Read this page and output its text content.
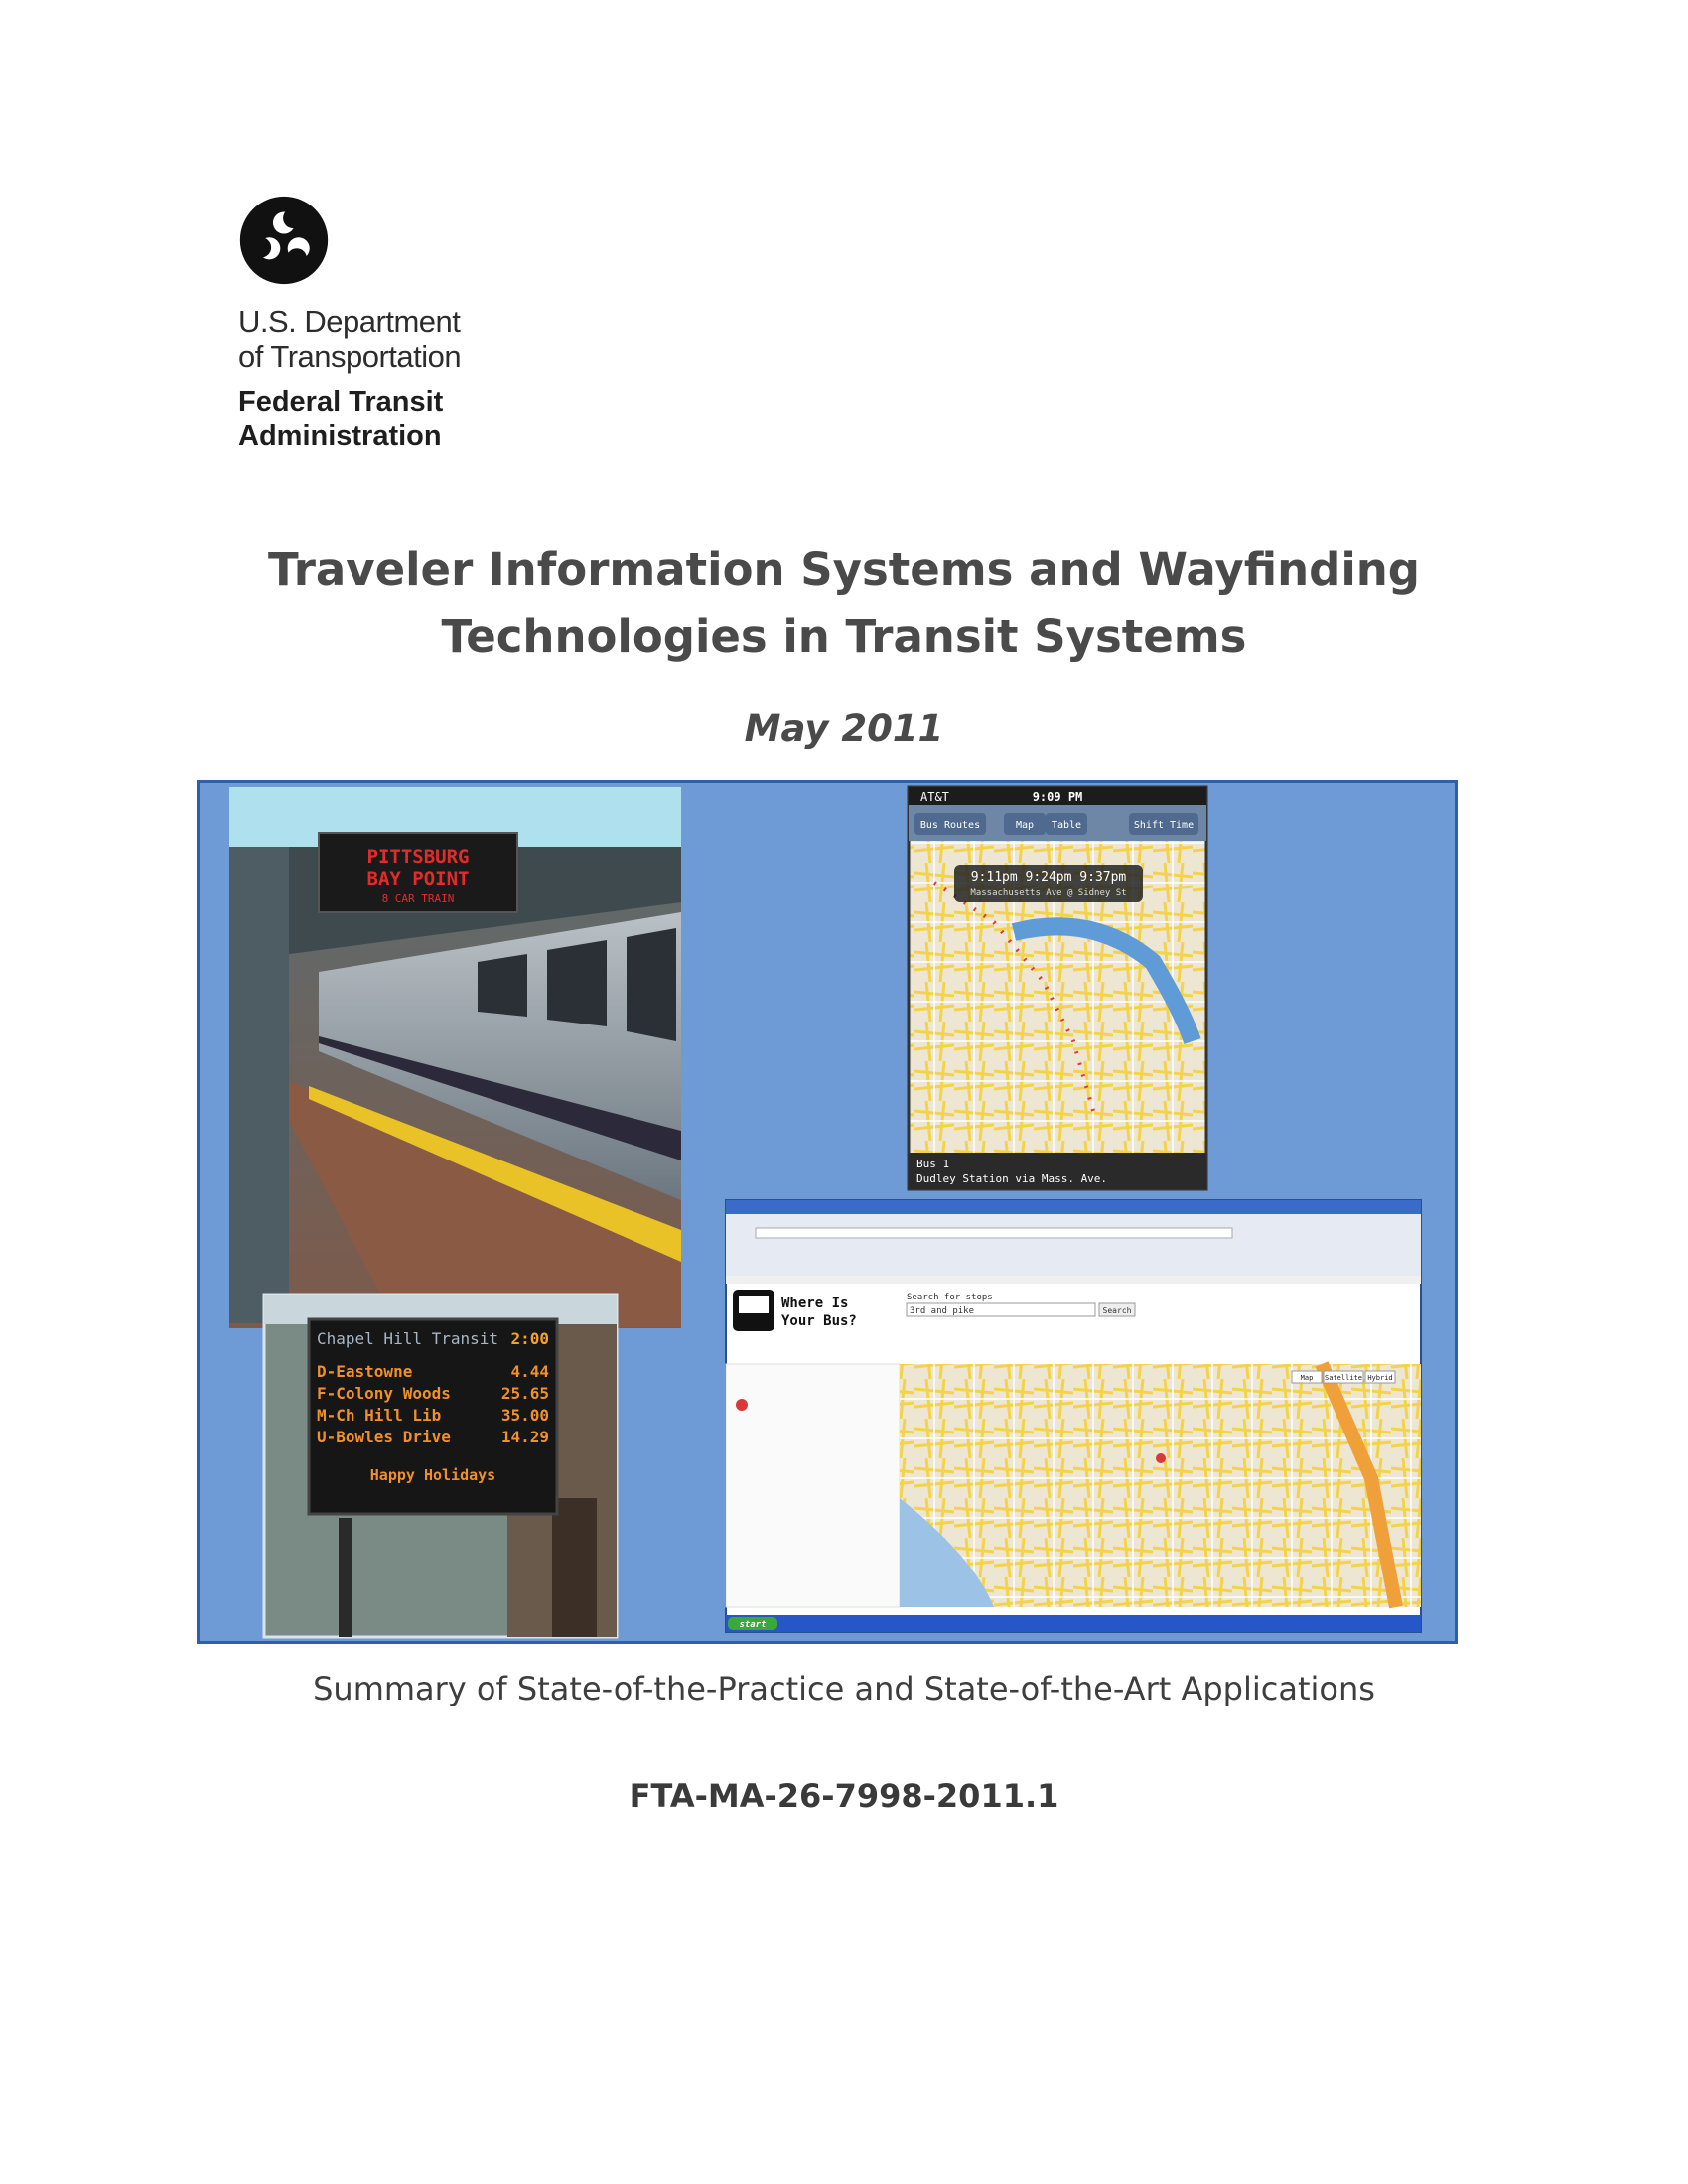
U.S. Department
of Transportation
Federal Transit
Administration
Traveler Information Systems and Wayfinding
Technologies in Transit Systems
May 2011
PITTSBURG
BAY POINT
8 CAR TRAIN
Chapel Hill Transit 2:00
D-Eastowne	4.44
F-Colony Woods	25.65
M-Ch Hill Lib	35.00
U-Bowles Drive	14.29
Happy Holidays
AT&T	9:09 PM
Bus Routes	Map Table	Shift Time
9:11pm 9:24pm 9:37pm
Massachusetts Ave @ Sidney St
Bus 1
Dudley Station via Mass. Ave.
Where Is
Your Bus?
Search for stops
3rd and pike	Search
Map Satellite Hybrid
start
Summary of State-of-the-Practice and State-of-the-Art Applications
FTA-MA-26-7998-2011.1
